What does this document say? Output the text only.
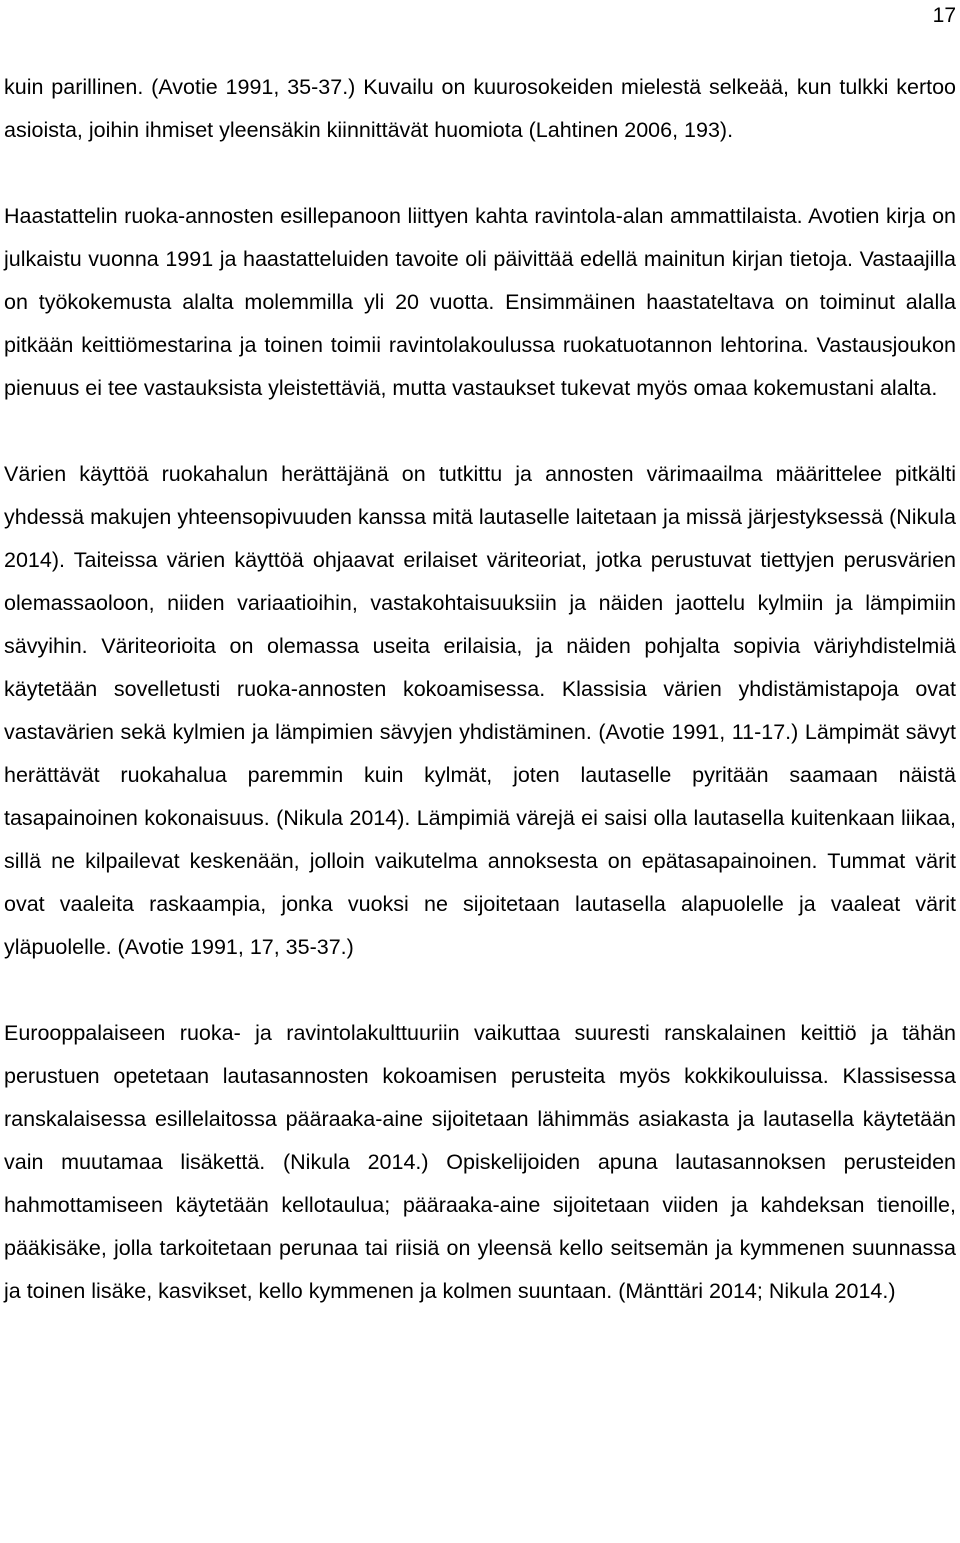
17

kuin parillinen. (Avotie 1991, 35-37.) Kuvailu on kuurosokeiden mielestä selkeää, kun tulkki kertoo asioista, joihin ihmiset yleensäkin kiinnittävät huomiota (Lahtinen 2006, 193).

Haastattelin ruoka-annosten esillepanoon liittyen kahta ravintola-alan ammattilaista. Avotien kirja on julkaistu vuonna 1991 ja haastatteluiden tavoite oli päivittää edellä mainitun kirjan tietoja. Vastaajilla on työkokemusta alalta molemmilla yli 20 vuotta. Ensimmäinen haastateltava on toiminut alalla pitkään keittiömestarina ja toinen toimii ravintolakoulussa ruokatuotannon lehtorina. Vastausjoukon pienuus ei tee vastauksista yleistettäviä, mutta vastaukset tukevat myös omaa kokemustani alalta.

Värien käyttöä ruokahalun herättäjänä on tutkittu ja annosten värimaailma määrittelee pitkälti yhdessä makujen yhteensopivuuden kanssa mitä lautaselle laitetaan ja missä järjestyksessä (Nikula 2014). Taiteissa värien käyttöä ohjaavat erilaiset väriteoriat, jotka perustuvat tiettyjen perusvärien olemassaoloon, niiden variaatioihin, vastakohtaisuuksiin ja näiden jaottelu kylmiin ja lämpimiin sävyihin. Väriteorioita on olemassa useita erilaisia, ja näiden pohjalta sopivia väriyhdistelmiä käytetään sovelletusti ruoka-annosten kokoamisessa. Klassisia värien yhdistämistapoja ovat vastavärien sekä kylmien ja lämpimien sävyjen yhdistäminen. (Avotie 1991, 11-17.) Lämpimät sävyt herättävät ruokahalua paremmin kuin kylmät, joten lautaselle pyritään saamaan näistä tasapainoinen kokonaisuus. (Nikula 2014). Lämpimiä värejä ei saisi olla lautasella kuitenkaan liikaa, sillä ne kilpailevat keskenään, jolloin vaikutelma annoksesta on epätasapainoinen. Tummat värit ovat vaaleita raskaampia, jonka vuoksi ne sijoitetaan lautasella alapuolelle ja vaaleat värit yläpuolelle. (Avotie 1991, 17, 35-37.)

Eurooppalaiseen ruoka- ja ravintolakulttuuriin vaikuttaa suuresti ranskalainen keittiö ja tähän perustuen opetetaan lautasannosten kokoamisen perusteita myös kokkikouluissa. Klassisessa ranskalaisessa esillelaitossa pääraaka-aine sijoitetaan lähimmäs asiakasta ja lautasella käytetään vain muutamaa lisäkettä. (Nikula 2014.) Opiskelijoiden apuna lautasannoksen perusteiden hahmottamiseen käytetään kellotaulua; pääraaka-aine sijoitetaan viiden ja kahdeksan tienoille, pääkisäke, jolla tarkoitetaan perunaa tai riisiä on yleensä kello seitsemän ja kymmenen suunnassa ja toinen lisäke, kasvikset, kello kymmenen ja kolmen suuntaan. (Mänttäri 2014; Nikula 2014.)
